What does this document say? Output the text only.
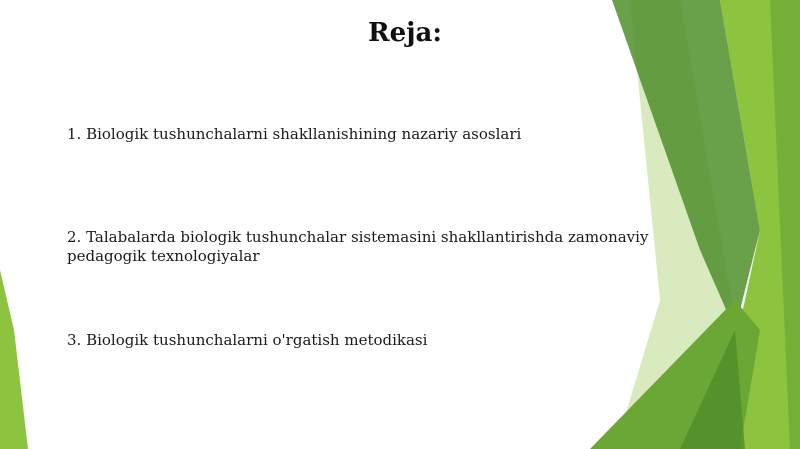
Reja:
1. Biologik tushunchalarni shakllanishining nazariy asoslari
2. Talabalarda biologik tushunchalar sistemasini shakllantirishda zamonaviy pedagogik texnologiyalar
3. Biologik tushunchalarni o'rgatish metodikasi
